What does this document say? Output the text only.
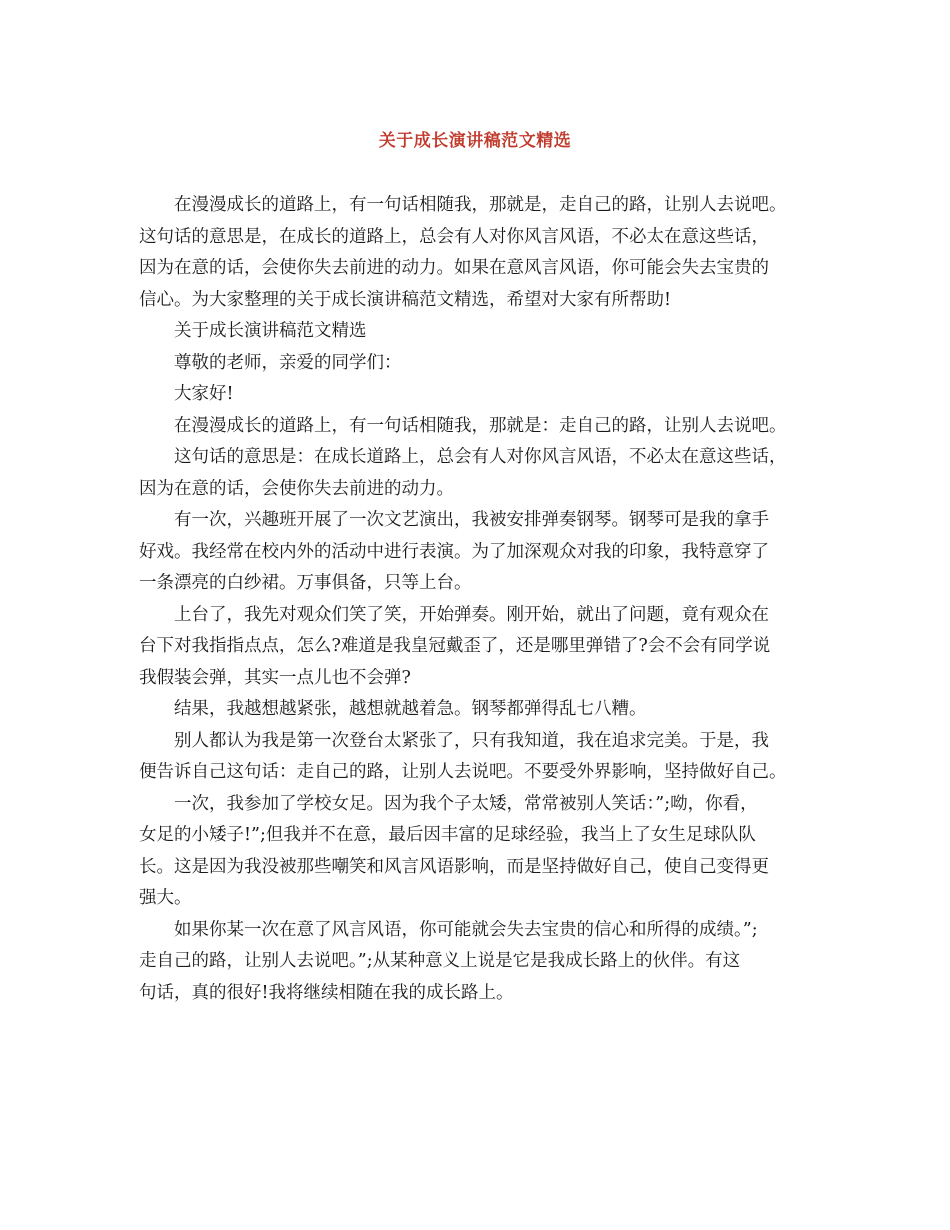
关于成长演讲稿范文精选
在漫漫成长的道路上，有一句话相随我，那就是，走自己的路，让别人去说吧。
这句话的意思是，在成长的道路上，总会有人对你风言风语，不必太在意这些话，
因为在意的话，会使你失去前进的动力。如果在意风言风语，你可能会失去宝贵的
信心。为大家整理的关于成长演讲稿范文精选，希望对大家有所帮助!
关于成长演讲稿范文精选
尊敬的老师，亲爱的同学们：
大家好!
在漫漫成长的道路上，有一句话相随我，那就是：走自己的路，让别人去说吧。
这句话的意思是：在成长道路上，总会有人对你风言风语，不必太在意这些话，
因为在意的话，会使你失去前进的动力。
有一次，兴趣班开展了一次文艺演出，我被安排弹奏钢琴。钢琴可是我的拿手
好戏。我经常在校内外的活动中进行表演。为了加深观众对我的印象，我特意穿了
一条漂亮的白纱裙。万事俱备，只等上台。
上台了，我先对观众们笑了笑，开始弹奏。刚开始，就出了问题，竟有观众在
台下对我指指点点，怎么?难道是我皇冠戴歪了，还是哪里弹错了?会不会有同学说
我假装会弹，其实一点儿也不会弹?
结果，我越想越紧张，越想就越着急。钢琴都弹得乱七八糟。
别人都认为我是第一次登台太紧张了，只有我知道，我在追求完美。于是，我
便告诉自己这句话：走自己的路，让别人去说吧。不要受外界影响，坚持做好自己。
一次，我参加了学校女足。因为我个子太矮，常常被别人笑话：”;呦，你看，
女足的小矮子!”;但我并不在意，最后因丰富的足球经验，我当上了女生足球队队
长。这是因为我没被那些嘲笑和风言风语影响，而是坚持做好自己，使自己变得更
强大。
如果你某一次在意了风言风语，你可能就会失去宝贵的信心和所得的成绩。”;
走自己的路，让别人去说吧。”;从某种意义上说是它是我成长路上的伙伴。有这
句话，真的很好!我将继续相随在我的成长路上。
